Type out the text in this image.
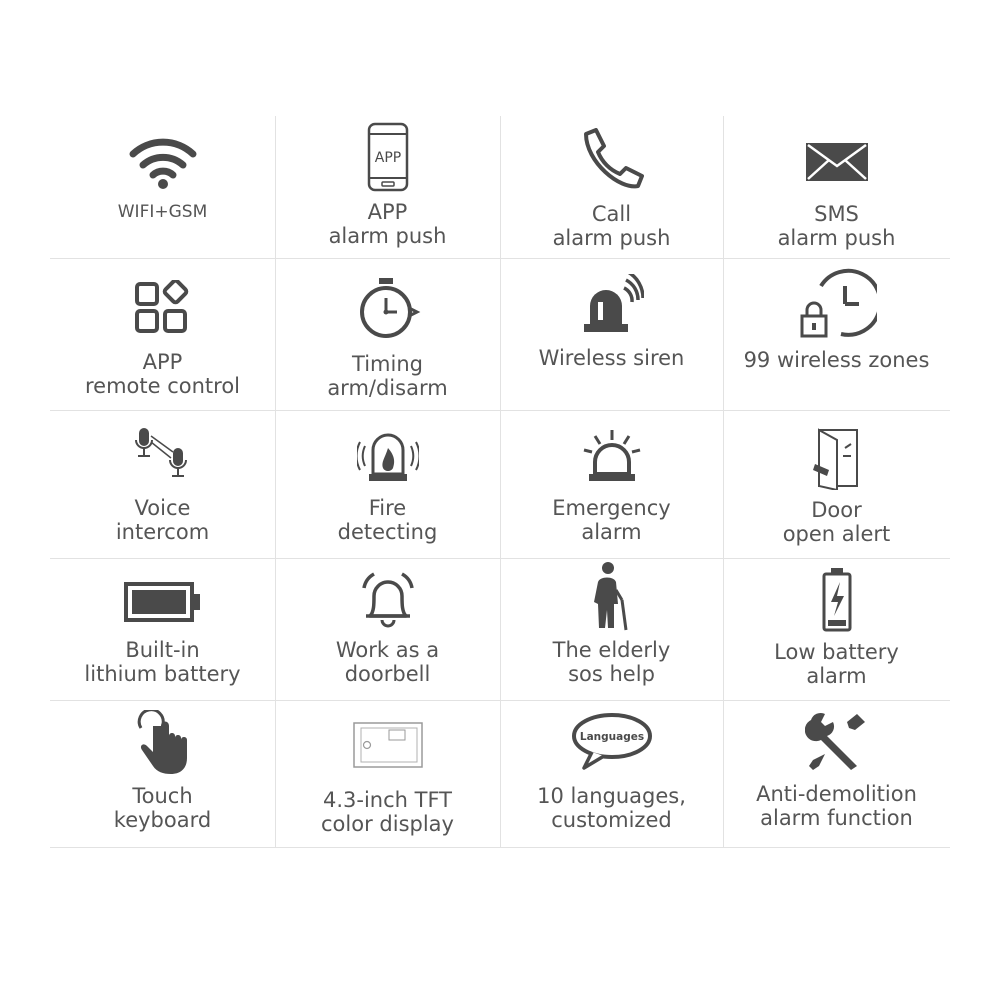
WIFI+GSM
APP
APP
alarm push
Call
alarm push
SMS
alarm push
APP
remote control
Timing
arm/disarm
Wireless siren	99 wireless zones
Voice
intercom
Fire
detecting
Emergency
alarm
Door
open alert
Built-in
lithium battery
Work as a
doorbell
The elderly
sos help
Low battery
alarm
Touch
keyboard
4.3-inch TFT
color display
Languages
10 languages,
customized
Anti-demolition
alarm function
